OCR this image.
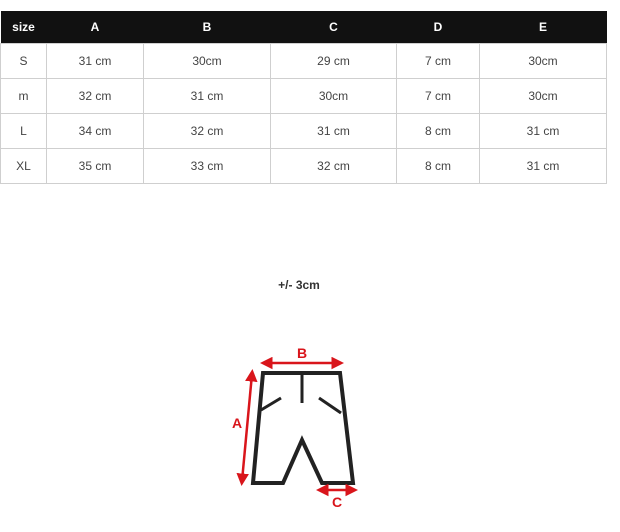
size	A	B	C	D	E
S	31 cm	30cm	29 cm	7 cm	30cm
m	32 cm	31 cm	30cm	7 cm	30cm
L	34 cm	32 cm	31 cm	8 cm	31 cm
XL	35 cm	33 cm	32 cm	8 cm	31 cm
+/- 3cm
B
A
C
